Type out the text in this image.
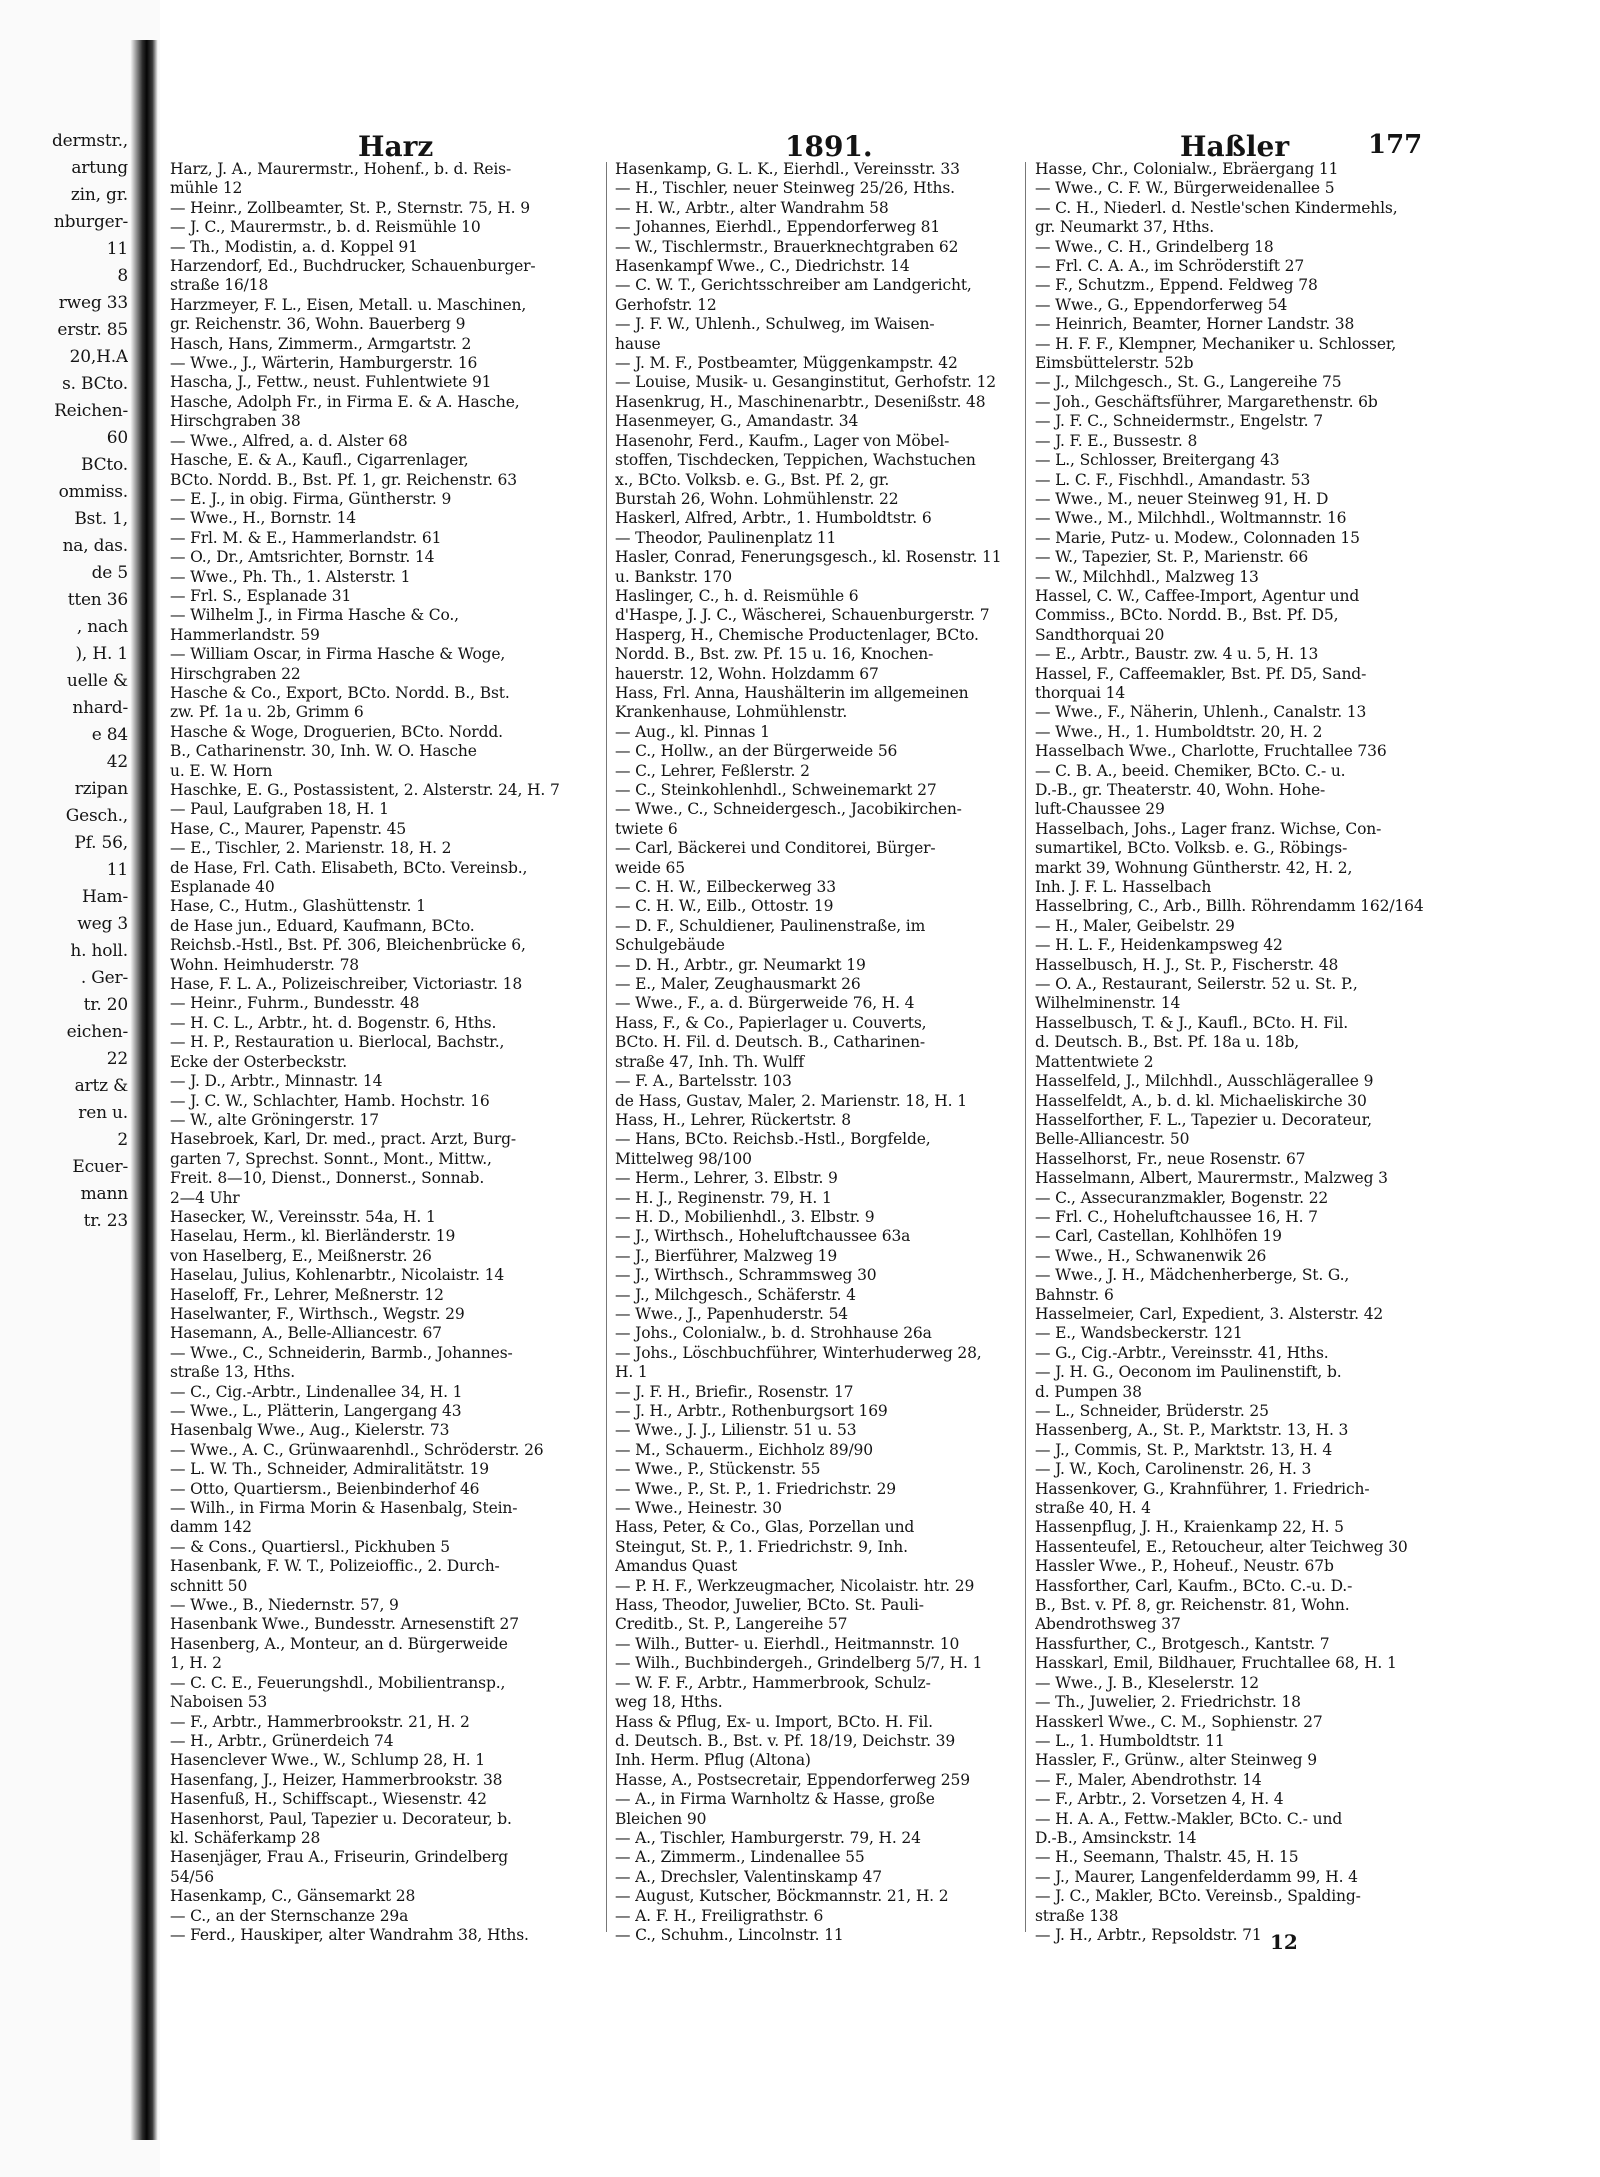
dermstr.,
artung
zin, gr.
nburger-
11
8
rweg 33
erstr. 85
20,H.A
s. BCto.
Reichen-
60
BCto.
ommiss.
Bst. 1,
na, das.
de 5
tten 36
, nach
), H. 1
uelle &
nhard-
e 84
42
rzipan
Gesch.,
Pf. 56,
11
Ham-
weg 3
h. holl.
. Ger-
tr. 20
eichen-
22
artz &
ren u.
2
Ecuer-
mann
tr. 23
Harz	1891.	Haßler	177
Harz, J. A., Maurermstr., Hohenf., b. d. Reis-
mühle 12
— Heinr., Zollbeamter, St. P., Sternstr. 75, H. 9
— J. C., Maurermstr., b. d. Reismühle 10
— Th., Modistin, a. d. Koppel 91
Harzendorf, Ed., Buchdrucker, Schauenburger-
straße 16/18
Harzmeyer, F. L., Eisen, Metall. u. Maschinen,
gr. Reichenstr. 36, Wohn. Bauerberg 9
Hasch, Hans, Zimmerm., Armgartstr. 2
— Wwe., J., Wärterin, Hamburgerstr. 16
Hascha, J., Fettw., neust. Fuhlentwiete 91
Hasche, Adolph Fr., in Firma E. & A. Hasche,
Hirschgraben 38
— Wwe., Alfred, a. d. Alster 68
Hasche, E. & A., Kaufl., Cigarrenlager,
BCto. Nordd. B., Bst. Pf. 1, gr. Reichenstr. 63
— E. J., in obig. Firma, Güntherstr. 9
— Wwe., H., Bornstr. 14
— Frl. M. & E., Hammerlandstr. 61
— O., Dr., Amtsrichter, Bornstr. 14
— Wwe., Ph. Th., 1. Alsterstr. 1
— Frl. S., Esplanade 31
— Wilhelm J., in Firma Hasche & Co.,
Hammerlandstr. 59
— William Oscar, in Firma Hasche & Woge,
Hirschgraben 22
Hasche & Co., Export, BCto. Nordd. B., Bst.
zw. Pf. 1a u. 2b, Grimm 6
Hasche & Woge, Droguerien, BCto. Nordd.
B., Catharinenstr. 30, Inh. W. O. Hasche
u. E. W. Horn
Haschke, E. G., Postassistent, 2. Alsterstr. 24, H. 7
— Paul, Laufgraben 18, H. 1
Hase, C., Maurer, Papenstr. 45
— E., Tischler, 2. Marienstr. 18, H. 2
de Hase, Frl. Cath. Elisabeth, BCto. Vereinsb.,
Esplanade 40
Hase, C., Hutm., Glashüttenstr. 1
de Hase jun., Eduard, Kaufmann, BCto.
Reichsb.-Hstl., Bst. Pf. 306, Bleichenbrücke 6,
Wohn. Heimhuderstr. 78
Hase, F. L. A., Polizeischreiber, Victoriastr. 18
— Heinr., Fuhrm., Bundesstr. 48
— H. C. L., Arbtr., ht. d. Bogenstr. 6, Hths.
— H. P., Restauration u. Bierlocal, Bachstr.,
Ecke der Osterbeckstr.
— J. D., Arbtr., Minnastr. 14
— J. C. W., Schlachter, Hamb. Hochstr. 16
— W., alte Gröningerstr. 17
Hasebroek, Karl, Dr. med., pract. Arzt, Burg-
garten 7, Sprechst. Sonnt., Mont., Mittw.,
Freit. 8—10, Dienst., Donnerst., Sonnab.
2—4 Uhr
Hasecker, W., Vereinsstr. 54a, H. 1
Haselau, Herm., kl. Bierländerstr. 19
von Haselberg, E., Meißnerstr. 26
Haselau, Julius, Kohlenarbtr., Nicolaistr. 14
Haseloff, Fr., Lehrer, Meßnerstr. 12
Haselwanter, F., Wirthsch., Wegstr. 29
Hasemann, A., Belle-Alliancestr. 67
— Wwe., C., Schneiderin, Barmb., Johannes-
straße 13, Hths.
— C., Cig.-Arbtr., Lindenallee 34, H. 1
— Wwe., L., Plätterin, Langergang 43
Hasenbalg Wwe., Aug., Kielerstr. 73
— Wwe., A. C., Grünwaarenhdl., Schröderstr. 26
— L. W. Th., Schneider, Admiralitätstr. 19
— Otto, Quartiersm., Beienbinderhof 46
— Wilh., in Firma Morin & Hasenbalg, Stein-
damm 142
— & Cons., Quartiersl., Pickhuben 5
Hasenbank, F. W. T., Polizeioffic., 2. Durch-
schnitt 50
— Wwe., B., Niedernstr. 57, 9
Hasenbank Wwe., Bundesstr. Arnesenstift 27
Hasenberg, A., Monteur, an d. Bürgerweide
1, H. 2
— C. C. E., Feuerungshdl., Mobilientransp.,
Naboisen 53
— F., Arbtr., Hammerbrookstr. 21, H. 2
— H., Arbtr., Grünerdeich 74
Hasenclever Wwe., W., Schlump 28, H. 1
Hasenfang, J., Heizer, Hammerbrookstr. 38
Hasenfuß, H., Schiffscapt., Wiesenstr. 42
Hasenhorst, Paul, Tapezier u. Decorateur, b.
kl. Schäferkamp 28
Hasenjäger, Frau A., Friseurin, Grindelberg
54/56
Hasenkamp, C., Gänsemarkt 28
— C., an der Sternschanze 29a
— Ferd., Hauskiper, alter Wandrahm 38, Hths.
Hasenkamp, G. L. K., Eierhdl., Vereinsstr. 33
— H., Tischler, neuer Steinweg 25/26, Hths.
— H. W., Arbtr., alter Wandrahm 58
— Johannes, Eierhdl., Eppendorferweg 81
— W., Tischlermstr., Brauerknechtgraben 62
Hasenkampf Wwe., C., Diedrichstr. 14
— C. W. T., Gerichtsschreiber am Landgericht,
Gerhofstr. 12
— J. F. W., Uhlenh., Schulweg, im Waisen-
hause
— J. M. F., Postbeamter, Müggenkampstr. 42
— Louise, Musik- u. Gesanginstitut, Gerhofstr. 12
Hasenkrug, H., Maschinenarbtr., Desenißstr. 48
Hasenmeyer, G., Amandastr. 34
Hasenohr, Ferd., Kaufm., Lager von Möbel-
stoffen, Tischdecken, Teppichen, Wachstuchen
x., BCto. Volksb. e. G., Bst. Pf. 2, gr.
Burstah 26, Wohn. Lohmühlenstr. 22
Haskerl, Alfred, Arbtr., 1. Humboldtstr. 6
— Theodor, Paulinenplatz 11
Hasler, Conrad, Fenerungsgesch., kl. Rosenstr. 11
u. Bankstr. 170
Haslinger, C., h. d. Reismühle 6
d'Haspe, J. J. C., Wäscherei, Schauenburgerstr. 7
Hasperg, H., Chemische Productenlager, BCto.
Nordd. B., Bst. zw. Pf. 15 u. 16, Knochen-
hauerstr. 12, Wohn. Holzdamm 67
Hass, Frl. Anna, Haushälterin im allgemeinen
Krankenhause, Lohmühlenstr.
— Aug., kl. Pinnas 1
— C., Hollw., an der Bürgerweide 56
— C., Lehrer, Feßlerstr. 2
— C., Steinkohlenhdl., Schweinemarkt 27
— Wwe., C., Schneidergesch., Jacobikirchen-
twiete 6
— Carl, Bäckerei und Conditorei, Bürger-
weide 65
— C. H. W., Eilbeckerweg 33
— C. H. W., Eilb., Ottostr. 19
— D. F., Schuldiener, Paulinenstraße, im
Schulgebäude
— D. H., Arbtr., gr. Neumarkt 19
— E., Maler, Zeughausmarkt 26
— Wwe., F., a. d. Bürgerweide 76, H. 4
Hass, F., & Co., Papierlager u. Couverts,
BCto. H. Fil. d. Deutsch. B., Catharinen-
straße 47, Inh. Th. Wulff
— F. A., Bartelsstr. 103
de Hass, Gustav, Maler, 2. Marienstr. 18, H. 1
Hass, H., Lehrer, Rückertstr. 8
— Hans, BCto. Reichsb.-Hstl., Borgfelde,
Mittelweg 98/100
— Herm., Lehrer, 3. Elbstr. 9
— H. J., Reginenstr. 79, H. 1
— H. D., Mobilienhdl., 3. Elbstr. 9
— J., Wirthsch., Hoheluftchaussee 63a
— J., Bierführer, Malzweg 19
— J., Wirthsch., Schrammsweg 30
— J., Milchgesch., Schäferstr. 4
— Wwe., J., Papenhuderstr. 54
— Johs., Colonialw., b. d. Strohhause 26a
— Johs., Löschbuchführer, Winterhuderweg 28,
H. 1
— J. F. H., Briefir., Rosenstr. 17
— J. H., Arbtr., Rothenburgsort 169
— Wwe., J. J., Lilienstr. 51 u. 53
— M., Schauerm., Eichholz 89/90
— Wwe., P., Stückenstr. 55
— Wwe., P., St. P., 1. Friedrichstr. 29
— Wwe., Heinestr. 30
Hass, Peter, & Co., Glas, Porzellan und
Steingut, St. P., 1. Friedrichstr. 9, Inh.
Amandus Quast
— P. H. F., Werkzeugmacher, Nicolaistr. htr. 29
Hass, Theodor, Juwelier, BCto. St. Pauli-
Creditb., St. P., Langereihe 57
— Wilh., Butter- u. Eierhdl., Heitmannstr. 10
— Wilh., Buchbindergeh., Grindelberg 5/7, H. 1
— W. F. F., Arbtr., Hammerbrook, Schulz-
weg 18, Hths.
Hass & Pflug, Ex- u. Import, BCto. H. Fil.
d. Deutsch. B., Bst. v. Pf. 18/19, Deichstr. 39
Inh. Herm. Pflug (Altona)
Hasse, A., Postsecretair, Eppendorferweg 259
— A., in Firma Warnholtz & Hasse, große
Bleichen 90
— A., Tischler, Hamburgerstr. 79, H. 24
— A., Zimmerm., Lindenallee 55
— A., Drechsler, Valentinskamp 47
— August, Kutscher, Böckmannstr. 21, H. 2
— A. F. H., Freiligrathstr. 6
— C., Schuhm., Lincolnstr. 11
Hasse, Chr., Colonialw., Ebräergang 11
— Wwe., C. F. W., Bürgerweidenallee 5
— C. H., Niederl. d. Nestle'schen Kindermehls,
gr. Neumarkt 37, Hths.
— Wwe., C. H., Grindelberg 18
— Frl. C. A. A., im Schröderstift 27
— F., Schutzm., Eppend. Feldweg 78
— Wwe., G., Eppendorferweg 54
— Heinrich, Beamter, Horner Landstr. 38
— H. F. F., Klempner, Mechaniker u. Schlosser,
Eimsbüttelerstr. 52b
— J., Milchgesch., St. G., Langereihe 75
— Joh., Geschäftsführer, Margarethenstr. 6b
— J. F. C., Schneidermstr., Engelstr. 7
— J. F. E., Bussestr. 8
— L., Schlosser, Breitergang 43
— L. C. F., Fischhdl., Amandastr. 53
— Wwe., M., neuer Steinweg 91, H. D
— Wwe., M., Milchhdl., Woltmannstr. 16
— Marie, Putz- u. Modew., Colonnaden 15
— W., Tapezier, St. P., Marienstr. 66
— W., Milchhdl., Malzweg 13
Hassel, C. W., Caffee-Import, Agentur und
Commiss., BCto. Nordd. B., Bst. Pf. D5,
Sandthorquai 20
— E., Arbtr., Baustr. zw. 4 u. 5, H. 13
Hassel, F., Caffeemakler, Bst. Pf. D5, Sand-
thorquai 14
— Wwe., F., Näherin, Uhlenh., Canalstr. 13
— Wwe., H., 1. Humboldtstr. 20, H. 2
Hasselbach Wwe., Charlotte, Fruchtallee 736
— C. B. A., beeid. Chemiker, BCto. C.- u.
D.-B., gr. Theaterstr. 40, Wohn. Hohe-
luft-Chaussee 29
Hasselbach, Johs., Lager franz. Wichse, Con-
sumartikel, BCto. Volksb. e. G., Röbings-
markt 39, Wohnung Güntherstr. 42, H. 2,
Inh. J. F. L. Hasselbach
Hasselbring, C., Arb., Billh. Röhrendamm 162/164
— H., Maler, Geibelstr. 29
— H. L. F., Heidenkampsweg 42
Hasselbusch, H. J., St. P., Fischerstr. 48
— O. A., Restaurant, Seilerstr. 52 u. St. P.,
Wilhelminenstr. 14
Hasselbusch, T. & J., Kaufl., BCto. H. Fil.
d. Deutsch. B., Bst. Pf. 18a u. 18b,
Mattentwiete 2
Hasselfeld, J., Milchhdl., Ausschlägerallee 9
Hasselfeldt, A., b. d. kl. Michaeliskirche 30
Hasselforther, F. L., Tapezier u. Decorateur,
Belle-Alliancestr. 50
Hasselhorst, Fr., neue Rosenstr. 67
Hasselmann, Albert, Maurermstr., Malzweg 3
— C., Assecuranzmakler, Bogenstr. 22
— Frl. C., Hoheluftchaussee 16, H. 7
— Carl, Castellan, Kohlhöfen 19
— Wwe., H., Schwanenwik 26
— Wwe., J. H., Mädchenherberge, St. G.,
Bahnstr. 6
Hasselmeier, Carl, Expedient, 3. Alsterstr. 42
— E., Wandsbeckerstr. 121
— G., Cig.-Arbtr., Vereinsstr. 41, Hths.
— J. H. G., Oeconom im Paulinenstift, b.
d. Pumpen 38
— L., Schneider, Brüderstr. 25
Hassenberg, A., St. P., Marktstr. 13, H. 3
— J., Commis, St. P., Marktstr. 13, H. 4
— J. W., Koch, Carolinenstr. 26, H. 3
Hassenkover, G., Krahnführer, 1. Friedrich-
straße 40, H. 4
Hassenpflug, J. H., Kraienkamp 22, H. 5
Hassenteufel, E., Retoucheur, alter Teichweg 30
Hassler Wwe., P., Hoheuf., Neustr. 67b
Hassforther, Carl, Kaufm., BCto. C.-u. D.-
B., Bst. v. Pf. 8, gr. Reichenstr. 81, Wohn.
Abendrothsweg 37
Hassfurther, C., Brotgesch., Kantstr. 7
Hasskarl, Emil, Bildhauer, Fruchtallee 68, H. 1
— Wwe., J. B., Kleselerstr. 12
— Th., Juwelier, 2. Friedrichstr. 18
Hasskerl Wwe., C. M., Sophienstr. 27
— L., 1. Humboldtstr. 11
Hassler, F., Grünw., alter Steinweg 9
— F., Maler, Abendrothstr. 14
— F., Arbtr., 2. Vorsetzen 4, H. 4
— H. A. A., Fettw.-Makler, BCto. C.- und
D.-B., Amsinckstr. 14
— H., Seemann, Thalstr. 45, H. 15
— J., Maurer, Langenfelderdamm 99, H. 4
— J. C., Makler, BCto. Vereinsb., Spalding-
straße 138
— J. H., Arbtr., Repsoldstr. 71 12
